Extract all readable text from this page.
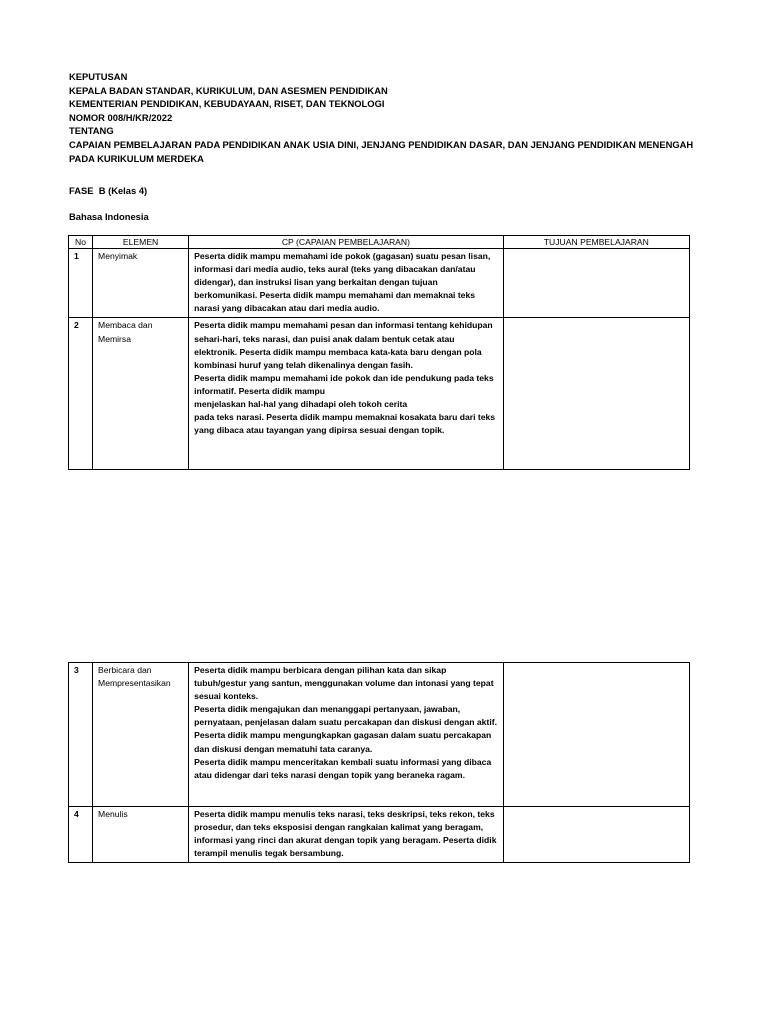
KEPUTUSAN
KEPALA BADAN STANDAR, KURIKULUM, DAN ASESMEN PENDIDIKAN
KEMENTERIAN PENDIDIKAN, KEBUDAYAAN, RISET, DAN TEKNOLOGI
NOMOR 008/H/KR/2022
TENTANG
CAPAIAN PEMBELAJARAN PADA PENDIDIKAN ANAK USIA DINI, JENJANG PENDIDIKAN DASAR, DAN JENJANG PENDIDIKAN MENENGAH PADA KURIKULUM MERDEKA
FASE  B (Kelas 4)
Bahasa Indonesia
No	ELEMEN	CP (CAPAIAN PEMBELAJARAN)	TUJUAN PEMBELAJARAN
1	Menyimak	Peserta didik mampu memahami ide pokok (gagasan) suatu pesan lisan, informasi dari media audio, teks aural (teks yang dibacakan dan/atau didengar), dan instruksi lisan yang berkaitan dengan tujuan berkomunikasi. Peserta didik mampu memahami dan memaknai teks narasi yang dibacakan atau dari media audio.	

2	Membaca dan Memirsa	Peserta didik mampu memahami pesan dan informasi tentang kehidupan sehari-hari, teks narasi, dan puisi anak dalam bentuk cetak atau elektronik. Peserta didik mampu membaca kata-kata baru dengan pola kombinasi huruf yang telah dikenalinya dengan fasih.
Peserta didik mampu memahami ide pokok dan ide pendukung pada teks informatif. Peserta didik mampu
menjelaskan hal-hal yang dihadapi oleh tokoh cerita
pada teks narasi. Peserta didik mampu memaknai kosakata baru dari teks yang dibaca atau tayangan yang dipirsa sesuai dengan topik.	

3	Berbicara dan Mempresentasikan	Peserta didik mampu berbicara dengan pilihan kata dan sikap tubuh/gestur yang santun, menggunakan volume dan intonasi yang tepat sesuai konteks.
Peserta didik mengajukan dan menanggapi pertanyaan, jawaban, pernyataan, penjelasan dalam suatu percakapan dan diskusi dengan aktif.
Peserta didik mampu mengungkapkan gagasan dalam suatu percakapan dan diskusi dengan mematuhi tata caranya.
Peserta didik mampu menceritakan kembali suatu informasi yang dibaca atau didengar dari teks narasi dengan topik yang beraneka ragam.	

4	Menulis	Peserta didik mampu menulis teks narasi, teks deskripsi, teks rekon, teks prosedur, dan teks eksposisi dengan rangkaian kalimat yang beragam, informasi yang rinci dan akurat dengan topik yang beragam. Peserta didik terampil menulis tegak bersambung.	
